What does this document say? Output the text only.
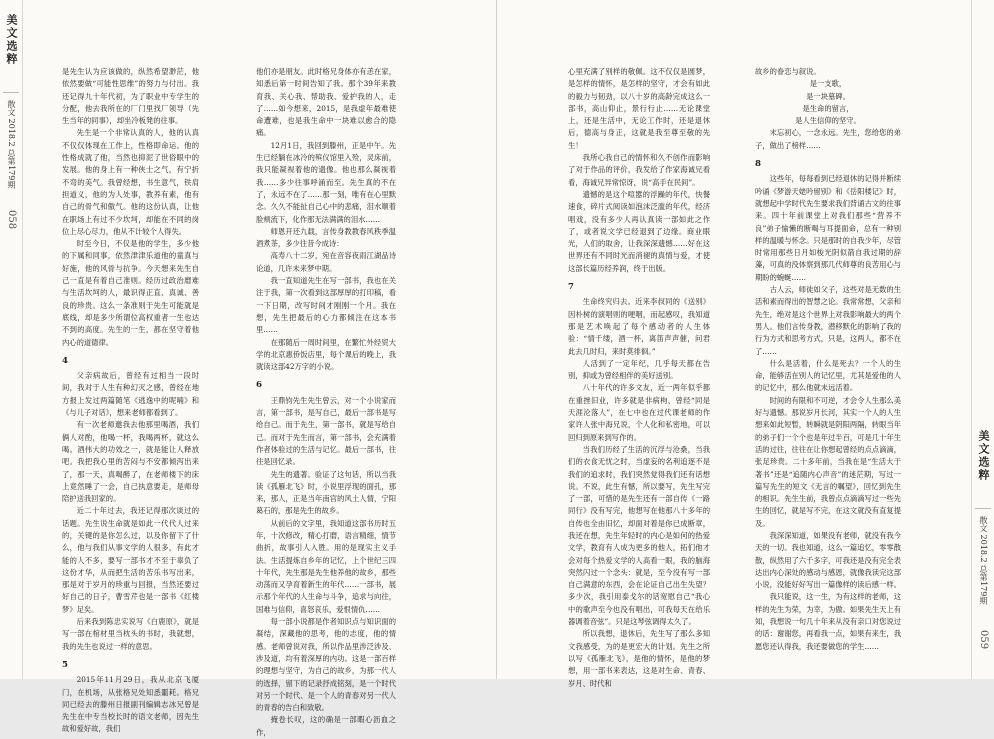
美文选粹
散文 2018.2 总第179期
058

是先生认为应该做的，纵然希望渺茫，他依然要做“可能性思维”的努力与付出。我还记得九十年代初，为了职业中专学生的分配，他去我所在的厂门里找厂领导（先生当年的同事），却坐冷板凳的往事。

先生是一个非常认真的人，他的认真不仅仅体现在工作上，性格即命运。他的性格成就了他，当然也抑泥了世俗眼中的发展。他的身上有一种侠士之气，有宁折不弯的美气。我曾经想，书生意气，铁肩担道义，他的为人处事，教养有素，他有自己的骨气和傲气。他的这份认真，让他在职场上有过不少坎坷，却能在不同的岗位上尽心尽力，他从不计较个人得失。

时至今日，不仅是他的学生，多少他的下属和同事，依然津津乐道他的童真与好施，他的风骨与抗争。今天想来先生自己一直是有着自己准则。经历过政治磨难与生活坎坷的人，最识得正直、真诚、善良的珍贵。这么一条准则于先生可能就是底线，却是多少所谓位高权重者一生也达不到的高度。先生的一生，都在坚守着他内心的道德律。

4

父亲病故后，曾经有过相当一段时间，我对于人生有种幻灭之感，曾经在地方报上发过两篇随笔《逃逸中的呢喃》和《与儿子对话》，想来老师都看到了。

有一次老师邀我去他那里喝酒，我们俩人对酌，他喝一杯，我喝两杯，就这么喝。酒伟大的功效之一，就是能让人释放吧。我把我心里的苦闷与不安都倾泻出来了，那一天，真喝醉了，在老师楼下的床上竟然睡了一会，自己执意要走，是师母陪护送我回家的。

近二十年过去，我还记得那次谈过的话题。先生说生命就是如此一代代人过来的，关键的是你怎么过，以及你留下了什么，他与我们从事文学的人很多，有此才能的人不多，要写一部书才不至于辜负了这份才华，从而把生活的苦乐书写出来，那是对于岁月的珍重与回报，当然还要过好自己的日子，曹雪芹也是一部书《红楼梦》足矣。

后来我到陈忠实说写《白鹿原》，就是写一部在棺材里当枕头的书时，我就想，我的先生也说过一样的意思。

5

2015年11月29日，我从北京飞厦门，在机场，从张格兄处知悉噩耗。格兄同已经去的滕州日报副刊编辑志冰兄曾是先生在中专当校长时的语文老师，因先生故和爱好故，我们

他们亦是朋友。此时格兄身体亦有恙在家，知悉后第一时间告知了我。那个39年来教育我、关心我、帮助我、爱护我的人，走了……如今想来，2015，是我虚年最难使命遭难，也是我生命中一块难以愈合的隐痛。

12月1日，我回到滕州，正是中午。先生已经躺在冰冷的殡仪馆里入殓，灵床前，我只能凝视着他的遗像。他也那么凝视着我……多少往事呼涌而至。先生真的不在了，永远不在了……那一刻，唯有在心里默念。久久不能扯自己心中的悲痛，泪水顺着脸颊流下，化作那无法满满的泪水……

师恩开还九载，言传身教教春风秩季温酒煮茶，多少往昔今成诗：

高寿八十二岁，宛在音容夜雨江湖品诗论道，几许未来梦中期。

我一直知道先生在写一部书，我也在关注于我，第一次看到这部厚厚的打印稿，看一下日期，改写时间才刚刚一个月。我在想，先生把最后的心力都倾注在这本书里……

在那随后一周时间里，在繁忙外经贸大学的北京惠侨饭店里，每个课后的晚上，我就读这部42万字的小说。

6

王鼎钧先生先生曾云，对一个小说家而言，第一部书，是写自己，最后一部书是写给自己。而于先生，第一部书，就是写给自己。而对于先生而言，第一部书，会充满着作者体验过的生活与记忆。最后一部书，往往是回忆录。

先生的遗著。验证了这句话，所以当我读《孤雁北飞》时，小说里浮现的面孔，那来，那人，正是当年南宫的风土人情，宁阳葛石的，那是先生的故乡。

从前后的文字里，我知道这部书历时五年，十次修改，精心打磨，语言精细，情节曲折，故事引人入胜。用的是现实主义手法。生活提炼自乡年的记忆，上个世纪三四十年代，先生那是先生他养他的故乡，那些动荡而又孕育着新生的年代……一部书，展示那个年代的人生命与斗争，追求与向往，国难与信仰，喜怒哀乐，爱恨情仇……

每一部小说都是作者知识点与知识面的凝结，深藏他的思考，他的志度，他的情感。老师曾说对我，所以作品里涉泛涉及、涉及道，均有着深厚的内功。这是一部百样的理想与坚守，为自己的故乡，为那一代人的选择，留下的记录抒成铭刻，是一个时代对另一个时代、是一个人的青春对另一代人的青春的告白和致敬。

掩卷长叹，这的确是一部暇心沥血之作，

美文选粹
散文 2018.2 总第179期
059

心里充满了别样的敬佩。这不仅仅是圆梦，是怎样的情怀，是怎样的坚守，才会有如此的毅力与韧劲，以八十岁的高龄完成这么一部书，高山仰止，景行行止……无论课堂上，还是生活中，无论工作时，还是退休后，德高与身正，这就是我至尊至敬的先生！

我所心我自己的情怀和久不创作而影响了对于作品的评价，我发给了作家海诚兄看看，海诚兄异常惊讶，说“高手在民间”。

遗憾的是这个喧嚣的浮躁的年代，快餐速食，碎片式阅读如泡沫泛滥的年代，经济唱戏，没有多少人再认真读一部如此之作了，或者说文学已经退到了边缘。商业眼光，人们的取舍，让我深深遗憾……好在这世界还有不同时光而消褪的真情与爱，才使这部长篇历经养润，终于出版。

7

生命终究归去。近来李叔同的《送别》因朴树的演唱则的哽咽，而起感叹，我知道那是艺术唤起了每个感动者的人生体验：“情千缕，酒一杯，离笛声声催，问君此去几时归，来时莫徘徊。”

人活到了一定年纪，几乎每天都在告别，抑或为曾经相伴的美好送别。

八十年代的许多文友，近一两年似乎都在重挫旧业，许多就是非病枸，曾经“同是天涯沦落人”，在七中也在过代课老师的作家许人张中海兄说，个人化和私密地，可以回归到原来到写作的。

当我们历经了生活的沉浮与沧桑，当我们的衣食无忧之时，当虚妄的名利追逐不是我们的追求时，我们突然觉得我们还有话想说。不说，此生有憾，所以要写，先生写完了一部，可惜的是先生还有一部自传《一路同行》没有写完，他想写在他那八十多年的自传也全由旧忆，却面对着是你已成断章，我还在想，先生年轻时的内心是如何的热爱文学，教育有人成为更多的他人，拓们他才会对每个热爱文学的人高看一眼，我的脑海突然闪过一个念头：就是，至今没有写一部自己满意的东西，会在论证自己出生失望？多少次，我引用泰戈尔的话宽慰自己“我心中的歌声至今也没有唱出，可我每天在给乐器调着音弦”。只是这琴弦调得太久了。

所以我想，退休后，先生写了那么多知文我感受，为的是更宏大的计划。先生之所以写《孤雁北飞》，是他的情怀，是他的梦想，用一部书来表达，这是对生命、青春、岁月、时代和

故乡的眷恋与叙说。

是一支歌，

是一块墓碑。

是生命的留言，

是人生信仰的坚守。

末忘初心，一念永远。先生，您给您的弟子，做出了榜样……

8

这些年，每每看到已经退休的记得并断续吟诵《梦游天姥吟留别》和《岳阳楼记》时，就想起中学时代先生要求我们背诵古文的往事来。四十年前课堂上对我们那些“营养不良”弟子愉懒的断喝与耳提面命，总有一种别样的温暖与怀念。只是那时的自我少年，尽管时常用那些日月如梭光阴似箭自我过期的辞藻，可真的没体察到那几代师尊的良苦用心与期盼的蜿蜒……

古人云，师徒如父子，这些对是无数的生活和素而得出的智慧之论。我常常想，父亲和先生，绝对是这个世界上对我影响最大的两个男人。他们言传身教，潜移默化的影响了我的行为方式和思考方式，只是，这两人，都不在了……

什么是活着，什么是死去？一个人的生命，能够活在别人的记忆里，尤其是爱他的人的记忆中，那么他就未远活着。

时间的有限和不可逆，才会令人生那么美好与遗憾。那说岁月长河，其实一个人的人生想来如此短暂，转瞬就是阴阳两隔，转眼当年的弟子们一个个也是年过半百，可是几十年生活的过往，往往在让你想起曾经的点点滴滴，张足珍贵。二十多年前，当我在是“生活大于著书”还是“追随内心声音”的迷茫期，写过一篇写先生的短文《无言的嘱望》，回忆到先生的相识。先生生前，我曾点点滴滴写过一些先生的回忆，就是写不完，在这文就没有直复提及。

我深深知道，如果没有老师，就没有我今天的一切。我也知道，这么一篇追忆，零零散散，纵然用了六千多字，可我还是没有完全表达出内心深处的感动与感恩，就像我读完这部小说，没能好好写出一篇像样的读后感一样。

我只能说，这一生，为有这样的老师，这样的先生为荣，为幸，为傲。如果先生天上有知，我想说一句几十年来从没有亲口对您说过的话：谢谢您，再看我一点，如果有来生，我愿您还认得我，我还要做您的学生……
